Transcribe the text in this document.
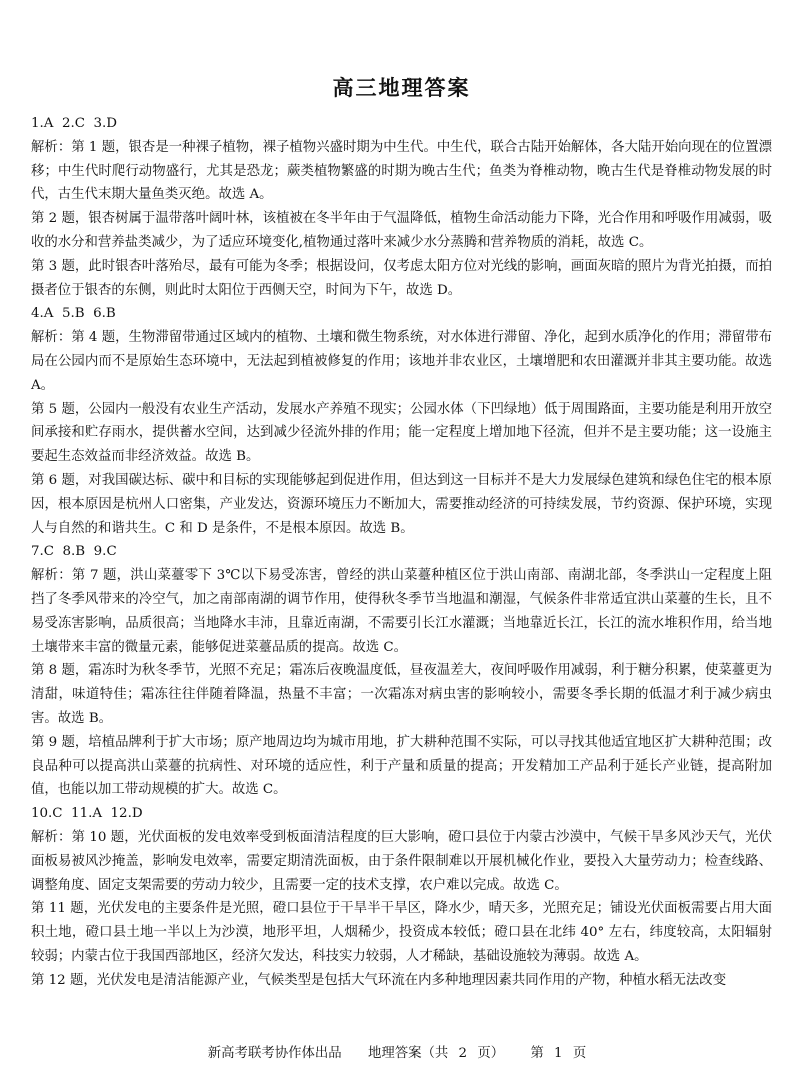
高三地理答案

1.A  2.C  3.D

解析：第 1 题，银杏是一种裸子植物，裸子植物兴盛时期为中生代。中生代，联合古陆开始解体，各大陆开始向现在的位置漂移；中生代时爬行动物盛行，尤其是恐龙；蕨类植物繁盛的时期为晚古生代；鱼类为脊椎动物，晚古生代是脊椎动物发展的时代，古生代末期大量鱼类灭绝。故选 A。

第 2 题，银杏树属于温带落叶阔叶林，该植被在冬半年由于气温降低，植物生命活动能力下降，光合作用和呼吸作用减弱，吸收的水分和营养盐类减少，为了适应环境变化,植物通过落叶来减少水分蒸腾和营养物质的消耗，故选 C。

第 3 题，此时银杏叶落殆尽，最有可能为冬季；根据设问，仅考虑太阳方位对光线的影响，画面灰暗的照片为背光拍摄，而拍摄者位于银杏的东侧，则此时太阳位于西侧天空，时间为下午，故选 D。

4.A  5.B  6.B

解析：第 4 题，生物滞留带通过区域内的植物、土壤和微生物系统，对水体进行滞留、净化，起到水质净化的作用；滞留带布局在公园内而不是原始生态环境中，无法起到植被修复的作用；该地并非农业区，土壤增肥和农田灌溉并非其主要功能。故选 A。

第 5 题，公园内一般没有农业生产活动，发展水产养殖不现实；公园水体（下凹绿地）低于周围路面，主要功能是利用开放空间承接和贮存雨水，提供蓄水空间，达到减少径流外排的作用；能一定程度上增加地下径流，但并不是主要功能；这一设施主要起生态效益而非经济效益。故选 B。

第 6 题，对我国碳达标、碳中和目标的实现能够起到促进作用，但达到这一目标并不是大力发展绿色建筑和绿色住宅的根本原因，根本原因是杭州人口密集，产业发达，资源环境压力不断加大，需要推动经济的可持续发展，节约资源、保护环境，实现人与自然的和谐共生。C 和 D 是条件，不是根本原因。故选 B。

7.C  8.B  9.C

解析：第 7 题，洪山菜薹零下 3℃以下易受冻害，曾经的洪山菜薹种植区位于洪山南部、南湖北部，冬季洪山一定程度上阻挡了冬季风带来的冷空气，加之南部南湖的调节作用，使得秋冬季节当地温和潮湿，气候条件非常适宜洪山菜薹的生长，且不易受冻害影响，品质很高；当地降水丰沛，且靠近南湖，不需要引长江水灌溉；当地靠近长江，长江的流水堆积作用，给当地土壤带来丰富的微量元素，能够促进菜薹品质的提高。故选 C。

第 8 题，霜冻时为秋冬季节，光照不充足；霜冻后夜晚温度低，昼夜温差大，夜间呼吸作用减弱，利于糖分积累，使菜薹更为清甜，味道特佳；霜冻往往伴随着降温，热量不丰富；一次霜冻对病虫害的影响较小，需要冬季长期的低温才利于减少病虫害。故选 B。

第 9 题，培植品牌利于扩大市场；原产地周边均为城市用地，扩大耕种范围不实际，可以寻找其他适宜地区扩大耕种范围；改良品种可以提高洪山菜薹的抗病性、对环境的适应性，利于产量和质量的提高；开发精加工产品利于延长产业链，提高附加值，也能以加工带动规模的扩大。故选 C。

10.C  11.A  12.D

解析：第 10 题，光伏面板的发电效率受到板面清洁程度的巨大影响，磴口县位于内蒙古沙漠中，气候干旱多风沙天气，光伏面板易被风沙掩盖，影响发电效率，需要定期清洗面板，由于条件限制难以开展机械化作业，要投入大量劳动力；检查线路、调整角度、固定支架需要的劳动力较少，且需要一定的技术支撑，农户难以完成。故选 C。

第 11 题，光伏发电的主要条件是光照，磴口县位于干旱半干旱区，降水少，晴天多，光照充足；铺设光伏面板需要占用大面积土地，磴口县土地一半以上为沙漠，地形平坦，人烟稀少，投资成本较低；磴口县在北纬 40° 左右，纬度较高，太阳辐射较弱；内蒙古位于我国西部地区，经济欠发达，科技实力较弱，人才稀缺，基础设施较为薄弱。故选 A。

第 12 题，光伏发电是清洁能源产业，气候类型是包括大气环流在内多种地理因素共同作用的产物，种植水稻无法改变

新高考联考协作体出品 地理答案（共 2 页） 第 1 页
